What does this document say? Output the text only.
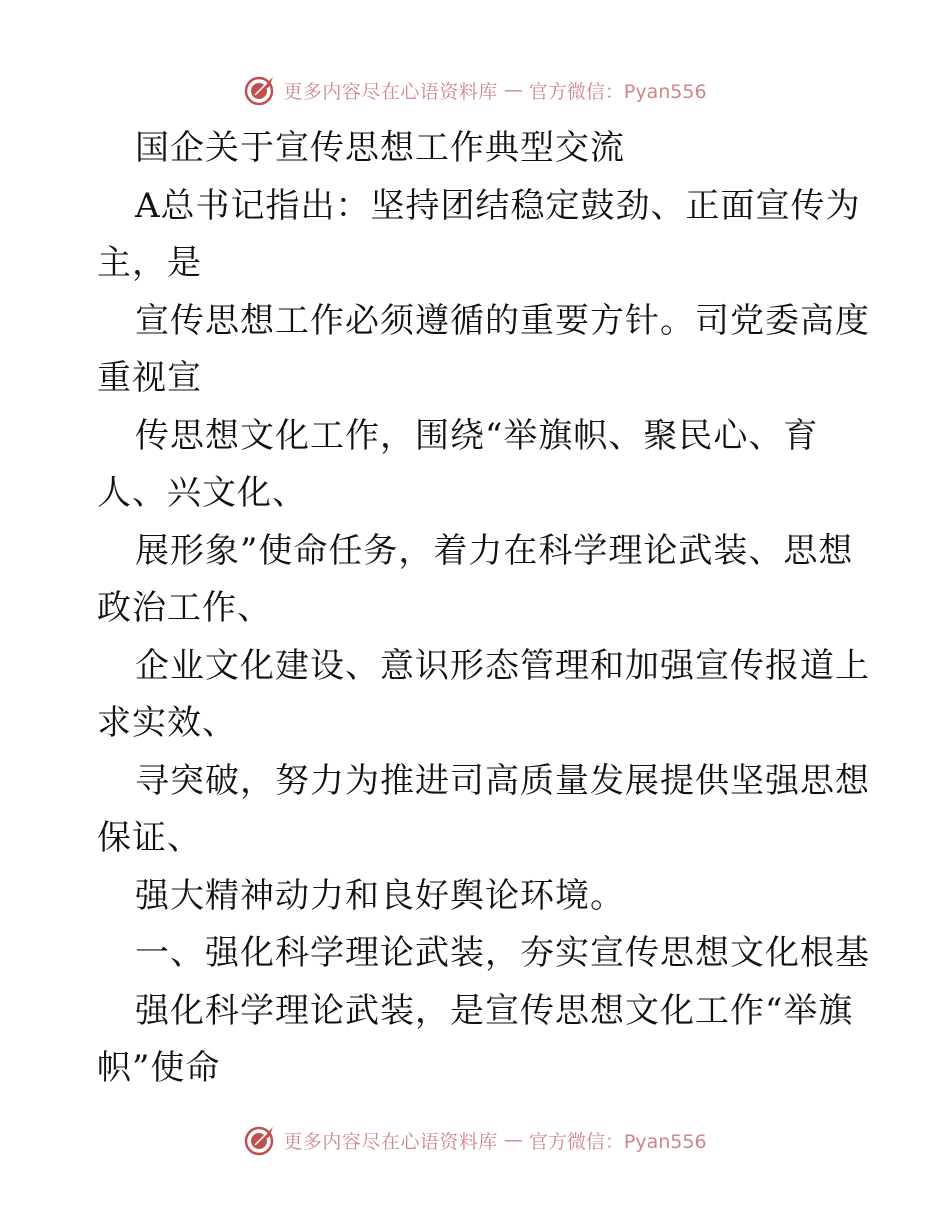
更多内容尽在心语资料库 — 官方微信：Pyan556
国企关于宣传思想工作典型交流
A总书记指出：坚持团结稳定鼓劲、正面宣传为
主，是
宣传思想工作必须遵循的重要方针。司党委高度
重视宣
传思想文化工作，围绕“举旗帜、聚民心、育
人、兴文化、
展形象”使命任务，着力在科学理论武装、思想
政治工作、
企业文化建设、意识形态管理和加强宣传报道上
求实效、
寻突破，努力为推进司高质量发展提供坚强思想
保证、
强大精神动力和良好舆论环境。
一、强化科学理论武装，夯实宣传思想文化根基
强化科学理论武装，是宣传思想文化工作“举旗
帜”使命
更多内容尽在心语资料库 — 官方微信：Pyan556
